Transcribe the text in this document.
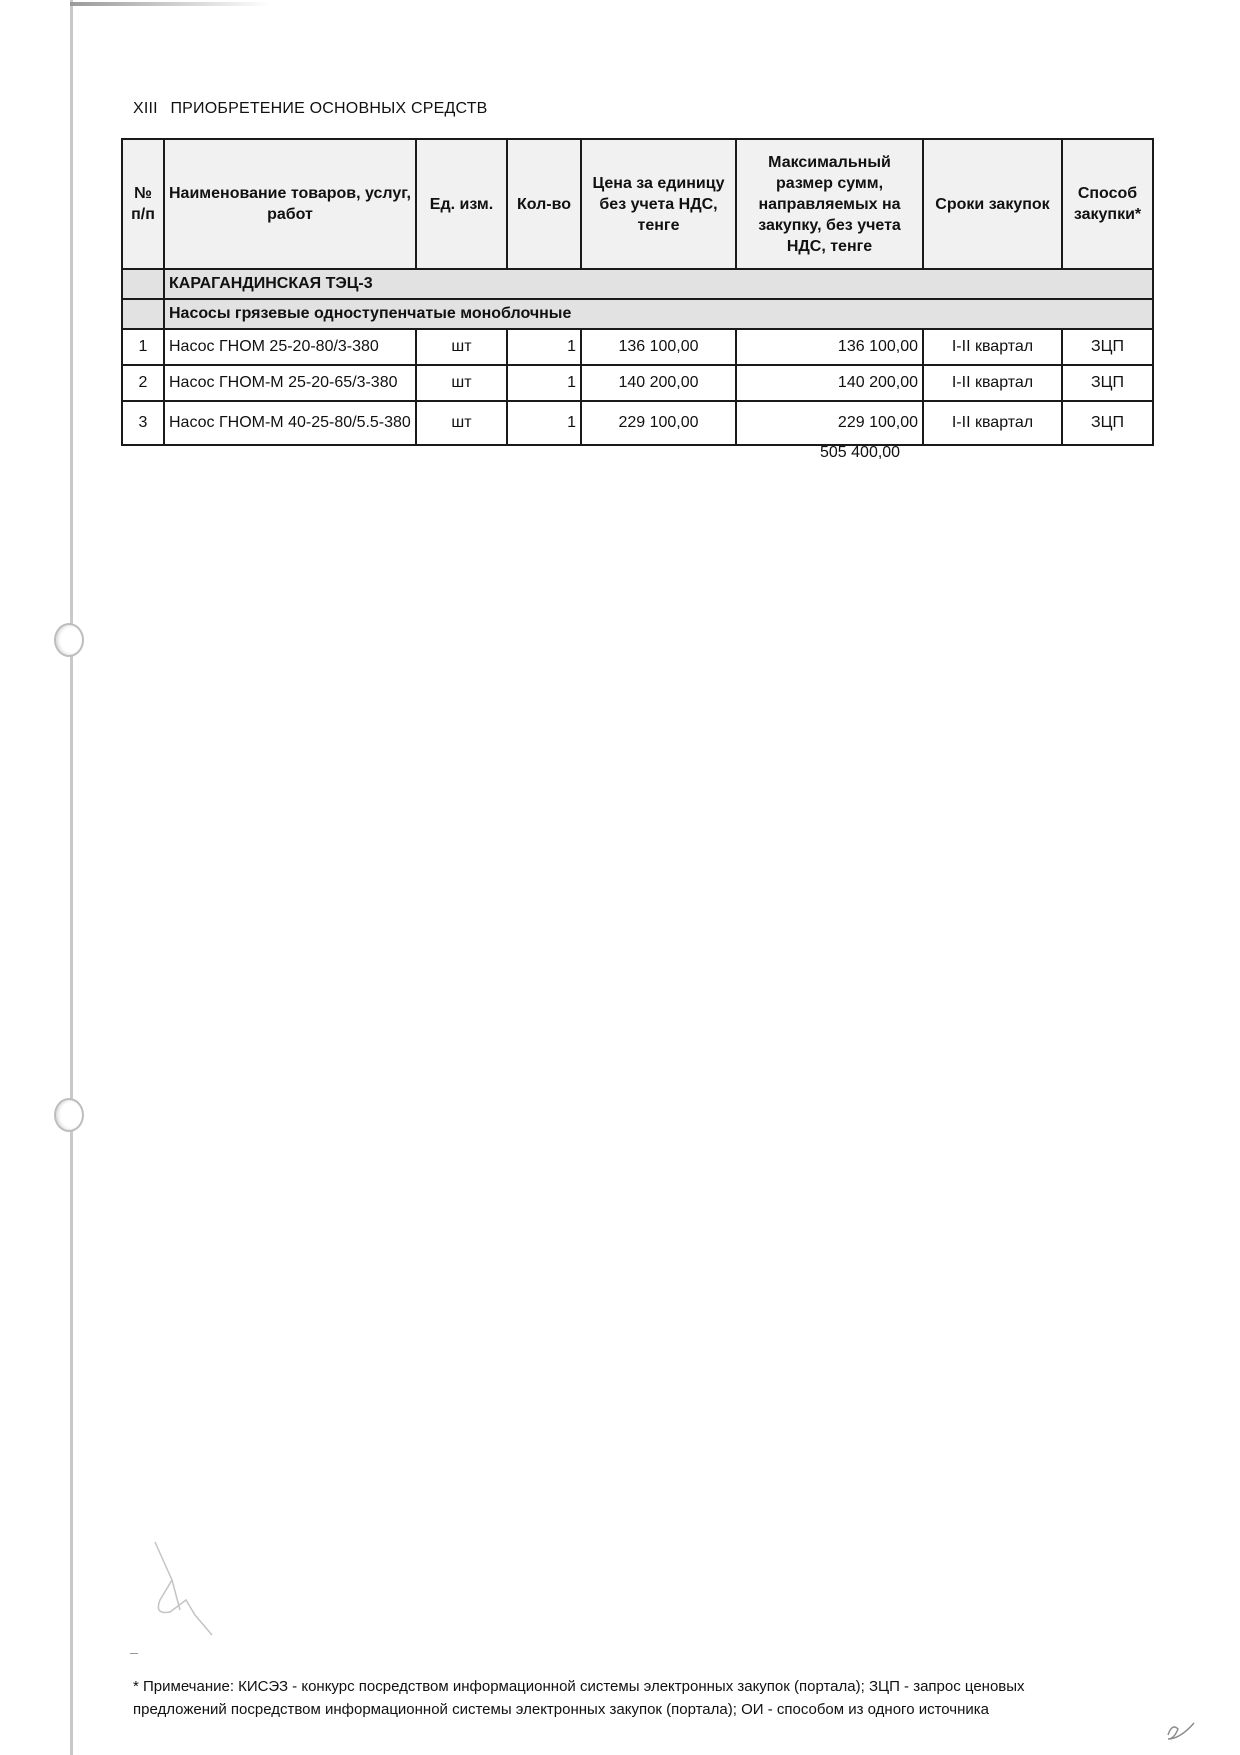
XIII ПРИОБРЕТЕНИЕ ОСНОВНЫХ СРЕДСТВ
№ п/п	Наименование товаров, услуг, работ	Ед. изм.	Кол-во	Цена за единицу без учета НДС, тенге	Максимальный размер сумм, направляемых на закупку, без учета НДС, тенге	Сроки закупок	Способ закупки*
	КАРАГАНДИНСКАЯ ТЭЦ-3						
	Насосы грязевые одноступенчатые моноблочные						
1	Насос ГНОМ 25-20-80/3-380	шт	1	136 100,00	136 100,00	I-II квартал	ЗЦП
2	Насос ГНОМ-М 25-20-65/3-380	шт	1	140 200,00	140 200,00	I-II квартал	ЗЦП
3	Насос ГНОМ-М 40-25-80/5.5-380	шт	1	229 100,00	229 100,00	I-II квартал	ЗЦП
505 400,00
* Примечание: КИСЭЗ - конкурс посредством информационной системы электронных закупок (портала); ЗЦП - запрос ценовых предложений посредством информационной системы электронных закупок (портала); ОИ - способом из одного источника
